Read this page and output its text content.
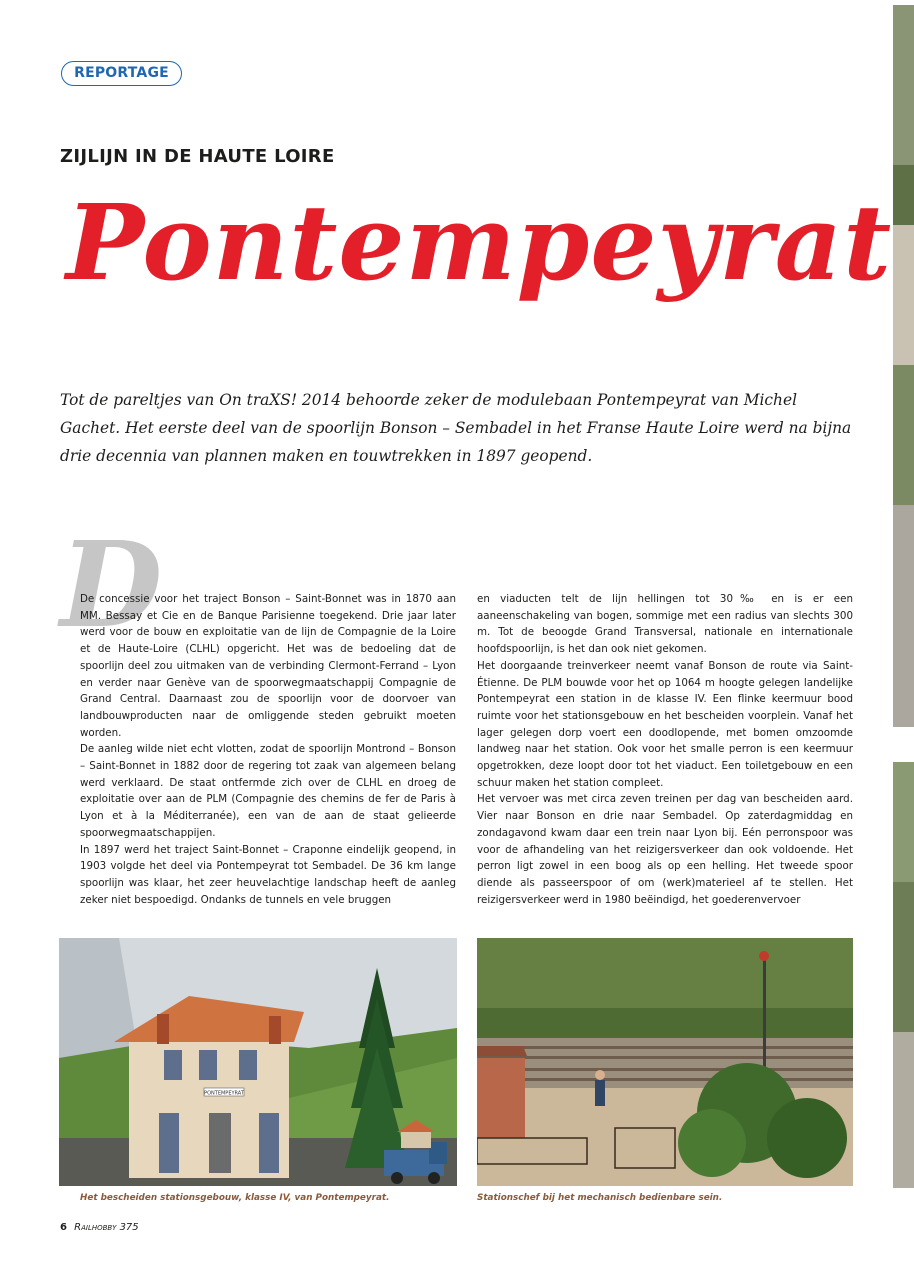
REPORTAGE
ZIJLIJN IN DE HAUTE LOIRE
Pontempeyrat

Tot de pareltjes van On traXS! 2014 behoorde zeker de modulebaan Pontempeyrat van Michel Gachet. Het eerste deel van de spoorlijn Bonson – Sembadel in het Franse Haute Loire werd na bijna drie decennia van plannen maken en touwtrekken in 1897 geopend.

D

De concessie voor het traject Bonson – Saint-Bonnet was in 1870 aan MM. Bessay et Cie en de Banque Parisienne toegekend. Drie jaar later werd voor de bouw en exploitatie van de lijn de Compagnie de la Loire et de Haute-Loire (CLHL) opgericht. Het was de bedoeling dat de spoorlijn deel zou uitmaken van de verbinding Clermont-Ferrand – Lyon en verder naar Genève van de spoorwegmaatschappij Compagnie de Grand Central. Daarnaast zou de spoorlijn voor de doorvoer van landbouwproducten naar de omliggende steden gebruikt moeten worden.

De aanleg wilde niet echt vlotten, zodat de spoorlijn Montrond – Bonson – Saint-Bonnet in 1882 door de regering tot zaak van algemeen belang werd verklaard. De staat ontfermde zich over de CLHL en droeg de exploitatie over aan de PLM (Compagnie des chemins de fer de Paris à Lyon et à la Méditerranée), een van de aan de staat gelieerde spoorwegmaatschappijen.

In 1897 werd het traject Saint-Bonnet – Craponne eindelijk geopend, in 1903 volgde het deel via Pontempeyrat tot Sembadel. De 36 km lange spoorlijn was klaar, het zeer heuvelachtige landschap heeft de aanleg zeker niet bespoedigd. Ondanks de tunnels en vele bruggen

en viaducten telt de lijn hellingen tot 30‰ en is er een aaneenschakeling van bogen, sommige met een radius van slechts 300 m. Tot de beoogde Grand Transversal, nationale en internationale hoofdspoorlijn, is het dan ook niet gekomen.

Het doorgaande treinverkeer neemt vanaf Bonson de route via Saint-Étienne. De PLM bouwde voor het op 1064 m hoogte gelegen landelijke Pontempeyrat een station in de klasse IV. Een flinke keermuur bood ruimte voor het stationsgebouw en het bescheiden voorplein. Vanaf het lager gelegen dorp voert een doodlopende, met bomen omzoomde landweg naar het station. Ook voor het smalle perron is een keermuur opgetrokken, deze loopt door tot het viaduct. Een toiletgebouw en een schuur maken het station compleet.

Het vervoer was met circa zeven treinen per dag van bescheiden aard. Vier naar Bonson en drie naar Sembadel. Op zaterdagmiddag en zondagavond kwam daar een trein naar Lyon bij. Eén perronspoor was voor de afhandeling van het reizigersverkeer dan ook voldoende. Het perron ligt zowel in een boog als op een helling. Het tweede spoor diende als passeerspoor of om (werk)materieel af te stellen. Het reizigersverkeer werd in 1980 beëindigd, het goederenvervoer

PONTEMPEYRAT
Het bescheiden stationsgebouw, klasse IV, van Pontempeyrat.	Stationschef bij het mechanisch bedienbare sein.
6 Railhobby 375
